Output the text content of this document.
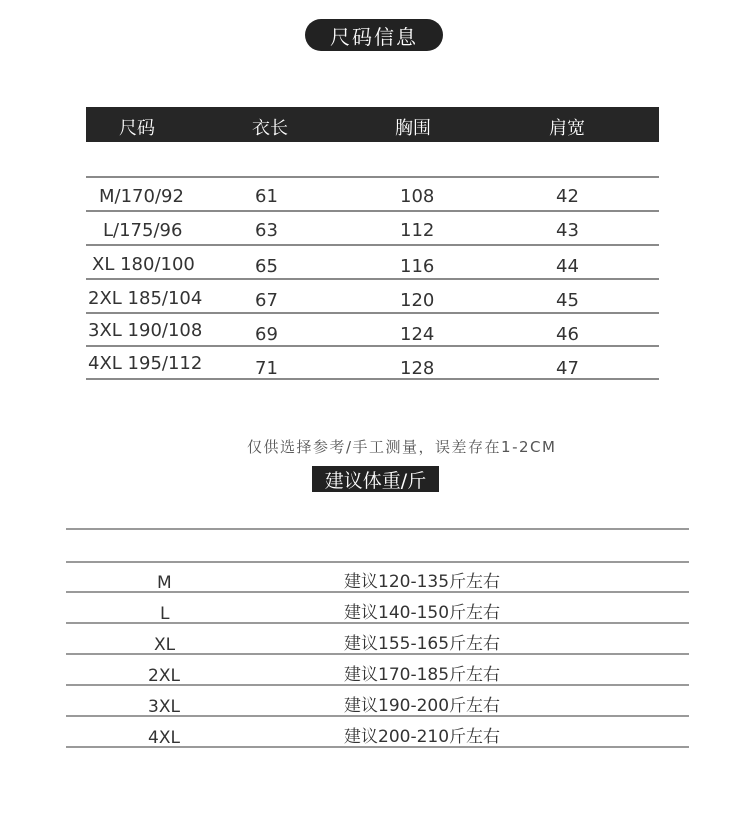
尺码信息
尺码	衣长	胸围	肩宽
M/170/92	61	108	42
L/175/96	63	112	43
XL 180/100	65	116	44
2XL 185/104	67	120	45
3XL 190/108	69	124	46
4XL 195/112	71	128	47
仅供选择参考/手工测量，误差存在1-2CM
建议体重/斤
M	建议120-135斤左右
L	建议140-150斤左右
XL	建议155-165斤左右
2XL	建议170-185斤左右
3XL	建议190-200斤左右
4XL	建议200-210斤左右
